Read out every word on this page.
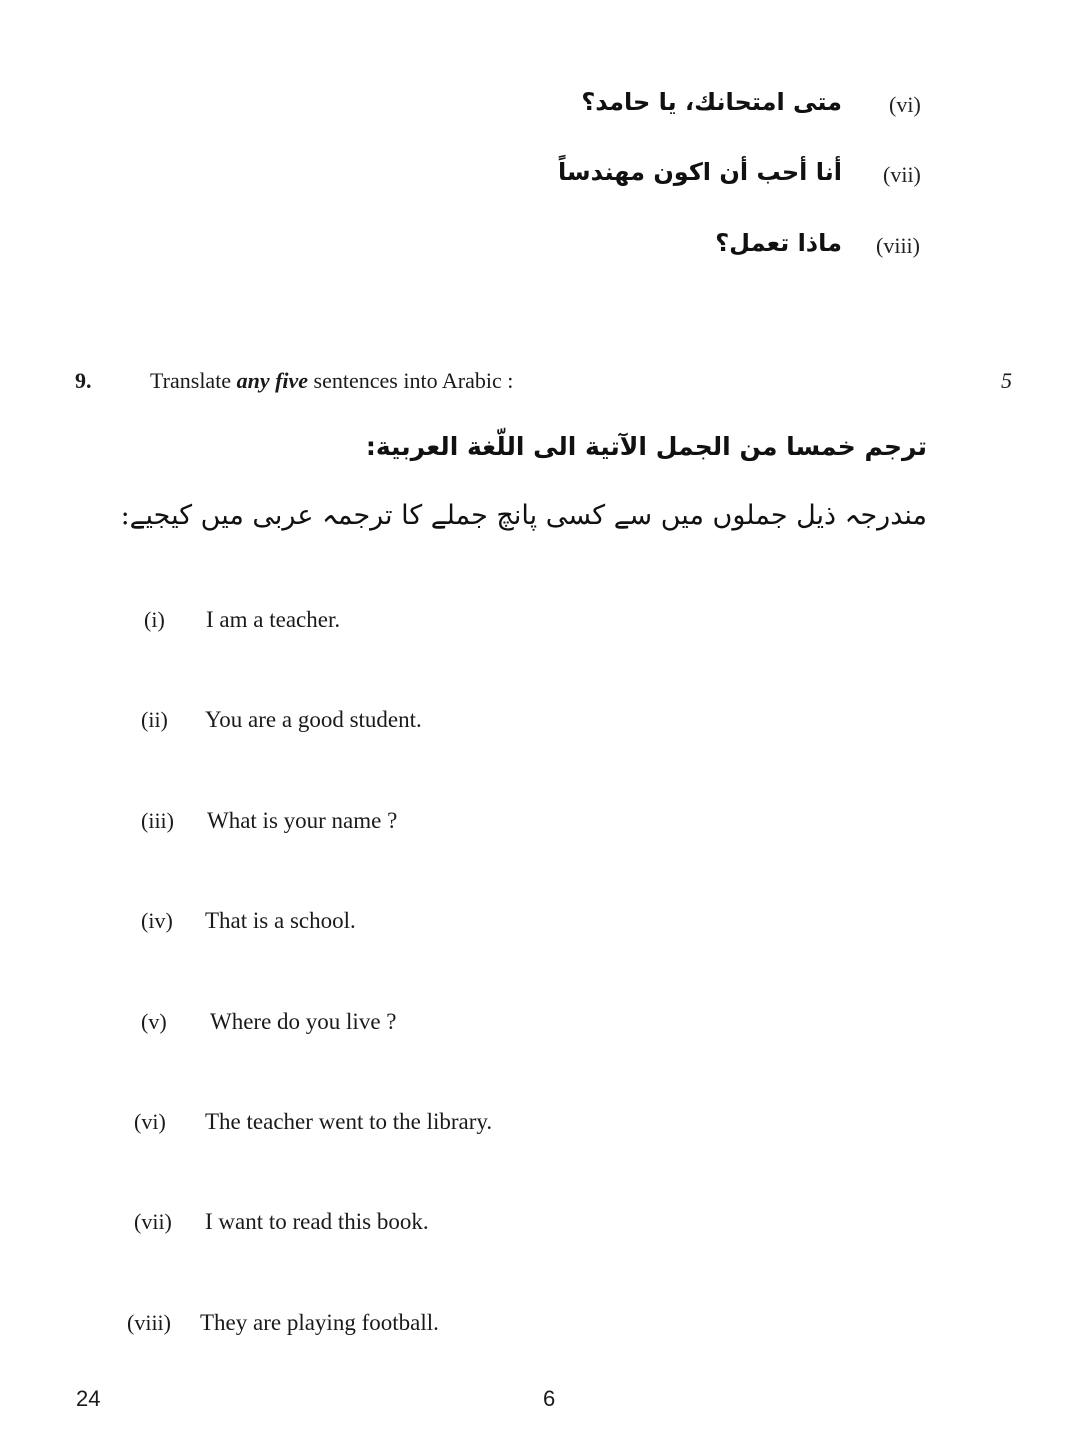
(vi)
متى امتحانك، يا حامد؟
(vii)
أنا أحب أن اكون مهندساً
(viii)
ماذا تعمل؟
9.	Translate any five sentences into Arabic :	5
ترجم خمسا من الجمل الآتية الى اللّغة العربية:
مندرجہ ذیل جملوں میں سے کسی پانچ جملے کا ترجمہ عربی میں کیجیے:
(i) I am a teacher.
(ii) You are a good student.
(iii) What is your name ?
(iv) That is a school.
(v) Where do you live ?
(vi) The teacher went to the library.
(vii) I want to read this book.
(viii) They are playing football.
24	6
